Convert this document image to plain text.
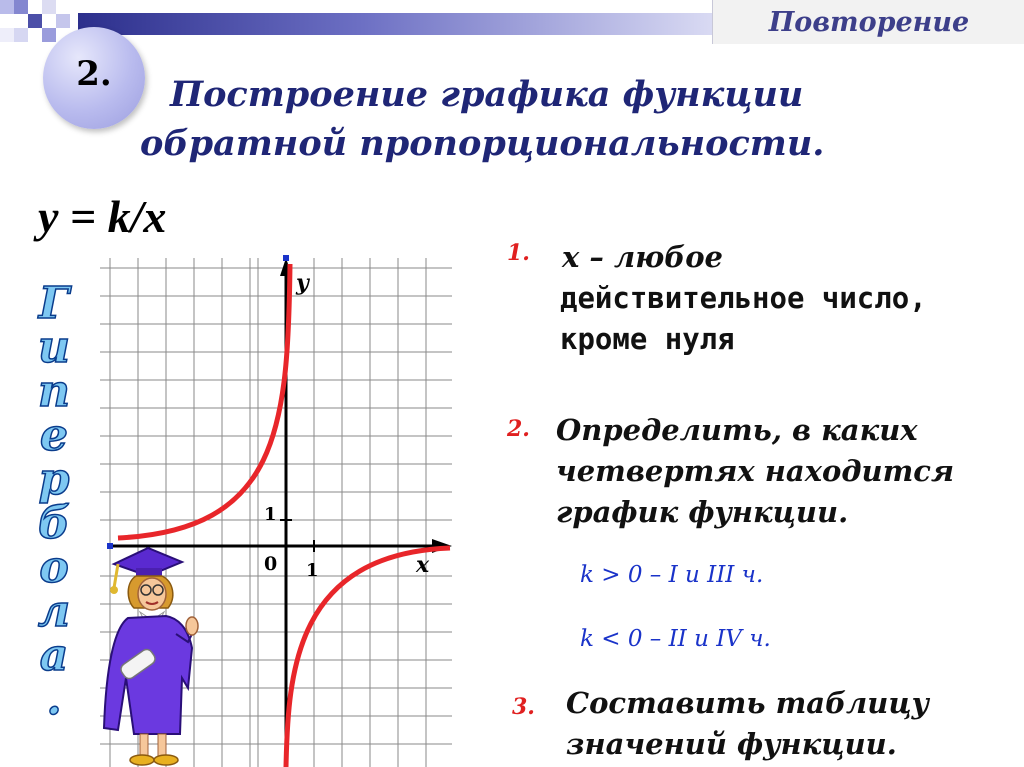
Повторение
2.	Построение графика функции
обратной пропорциональности.
y = k/x
Г
и
п
е
р
б
о
л
а
.
y
x
0
1
1
1. x – любое
действительное число,
кроме нуля
2. Определить, в каких
четвертях находится
график функции.
k > 0 – I и III ч.
k < 0 – II и IV ч.
3. Составить таблицу
значений функции.
